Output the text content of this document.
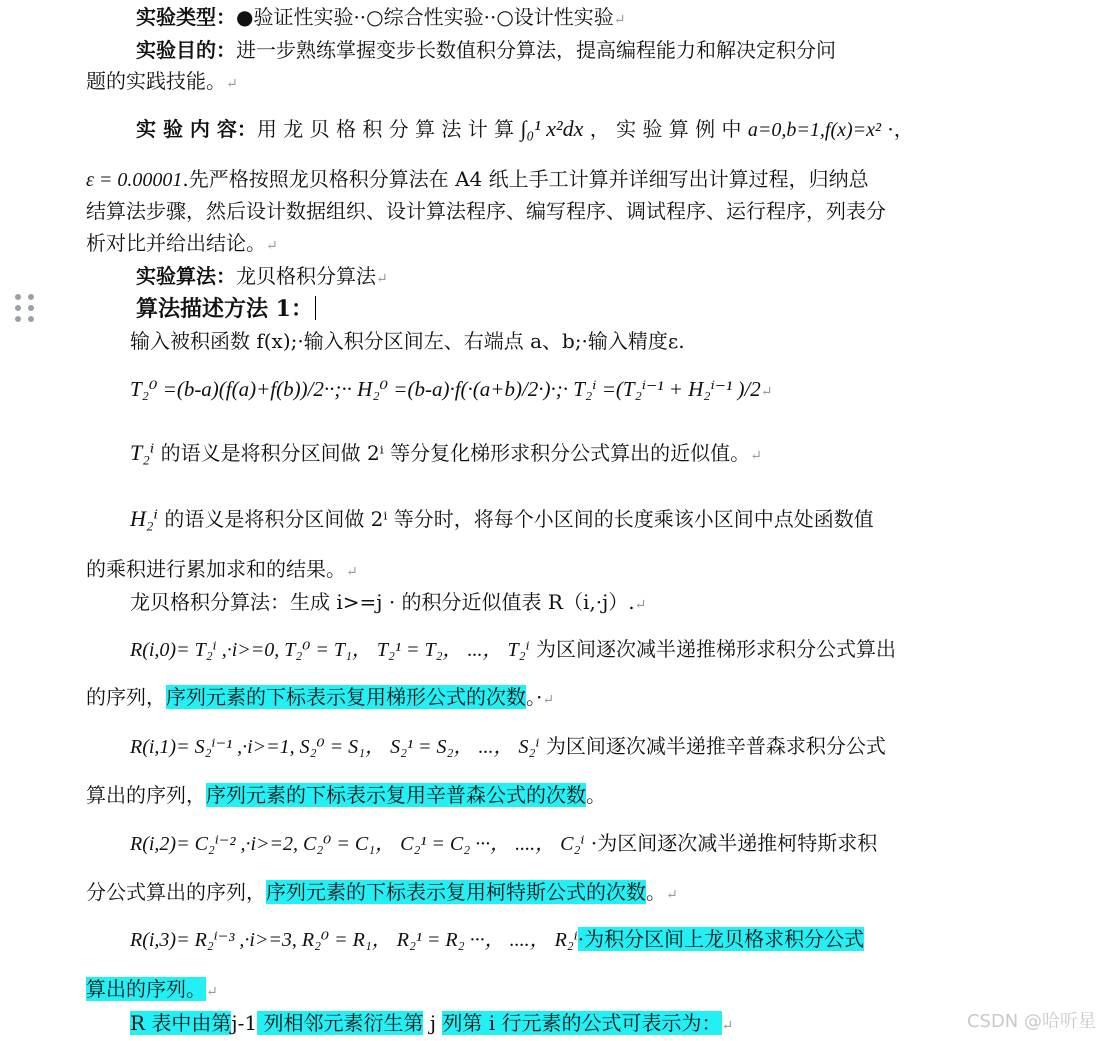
实验类型：●验证性实验··○综合性实验··○设计性实验↵
实验目的：进一步熟练掌握变步长数值积分算法，提高编程能力和解决定积分问
题的实践技能。↵
实 验 内 容：用 龙 贝 格 积 分 算 法 计 算 ∫₀¹ x²dx ， 实 验 算 例 中 a=0,b=1,f(x)=x² ·，
ε = 0.00001.先严格按照龙贝格积分算法在 A4 纸上手工计算并详细写出计算过程，归纳总
结算法步骤，然后设计数据组织、设计算法程序、编写程序、调试程序、运行程序，列表分
析对比并给出结论。↵
实验算法：龙贝格积分算法↵
算法描述方法 1：
输入被积函数 f(x);·输入积分区间左、右端点 a、b;·输入精度ε.
T₂⁰ =(b-a)(f(a)+f(b))/2··;·· H₂⁰ =(b-a)·f(·(a+b)/2·)·;· T₂ⁱ =(T₂ⁱ⁻¹ + H₂ⁱ⁻¹ )/2↵
T₂ⁱ 的语义是将积分区间做 2ⁱ 等分复化梯形求积分公式算出的近似值。↵
H₂ⁱ 的语义是将积分区间做 2ⁱ 等分时，将每个小区间的长度乘该小区间中点处函数值
的乘积进行累加求和的结果。↵
龙贝格积分算法：生成 i>=j · 的积分近似值表 R（i,·j）.↵
R(i,0)= T₂ⁱ ,·i>=0, T₂⁰ = T₁， T₂¹ = T₂， ...， T₂ⁱ 为区间逐次减半递推梯形求积分公式算出
的序列，序列元素的下标表示复用梯形公式的次数。·↵
R(i,1)= S₂ⁱ⁻¹ ,·i>=1, S₂⁰ = S₁， S₂¹ = S₂， ...， S₂ⁱ 为区间逐次减半递推辛普森求积分公式
算出的序列，序列元素的下标表示复用辛普森公式的次数。
R(i,2)= C₂ⁱ⁻² ,·i>=2, C₂⁰ = C₁， C₂¹ = C₂ ···， ....， C₂ⁱ ·为区间逐次减半递推柯特斯求积
分公式算出的序列，序列元素的下标表示复用柯特斯公式的次数。↵
R(i,3)= R₂ⁱ⁻³ ,·i>=3, R₂⁰ = R₁， R₂¹ = R₂ ···， ....， R₂ⁱ·为积分区间上龙贝格求积分公式
算出的序列。↵
R 表中由第j-1 列相邻元素衍生第 j 列第 i 行元素的公式可表示为：↵	CSDN @哈听星
